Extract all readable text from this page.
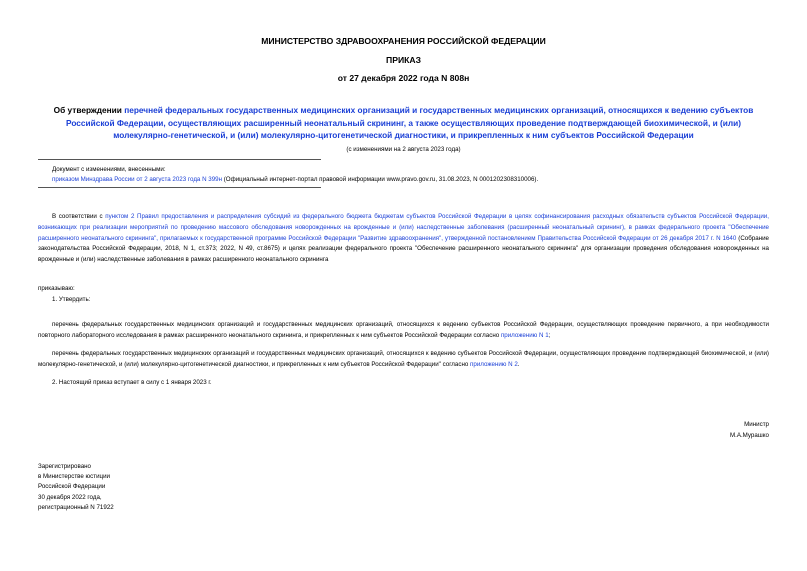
МИНИСТЕРСТВО ЗДРАВООХРАНЕНИЯ РОССИЙСКОЙ ФЕДЕРАЦИИ
ПРИКАЗ
от 27 декабря 2022 года N 808н
Об утверждении перечней федеральных государственных медицинских организаций и государственных медицинских организаций, относящихся к ведению субъектов Российской Федерации, осуществляющих расширенный неонатальный скрининг, а также осуществляющих проведение подтверждающей биохимической, и (или) молекулярно-генетической, и (или) молекулярно-цитогенетической диагностики, и прикрепленных к ним субъектов Российской Федерации
(с изменениями на 2 августа 2023 года)
Документ с изменениями, внесенными:
приказом Минздрава России от 2 августа 2023 года N 399н (Официальный интернет-портал правовой информации www.pravo.gov.ru, 31.08.2023, N 0001202308310006).
В соответствии с пунктом 2 Правил предоставления и распределения субсидий из федерального бюджета бюджетам субъектов Российской Федерации в целях софинансирования расходных обязательств субъектов Российской Федерации, возникающих при реализации мероприятий по проведению массового обследования новорожденных на врожденные и (или) наследственные заболевания (расширенный неонатальный скрининг), в рамках федерального проекта "Обеспечение расширенного неонатального скрининга", прилагаемых к государственной программе Российской Федерации "Развитие здравоохранения", утвержденной постановлением Правительства Российской Федерации от 26 декабря 2017 г. N 1640 (Собрание законодательства Российской Федерации, 2018, N 1, ст.373; 2022, N 49, ст.8675) и целях реализации федерального проекта "Обеспечение расширенного неонатального скрининга" для организации проведения обследования новорожденных на врожденные и (или) наследственные заболевания в рамках расширенного неонатального скрининга
приказываю:
1. Утвердить:
перечень федеральных государственных медицинских организаций и государственных медицинских организаций, относящихся к ведению субъектов Российской Федерации, осуществляющих проведение первичного, а при необходимости повторного лабораторного исследования в рамках расширенного неонатального скрининга, и прикрепленных к ним субъектов Российской Федерации согласно приложению N 1;
перечень федеральных государственных медицинских организаций и государственных медицинских организаций, относящихся к ведению субъектов Российской Федерации, осуществляющих проведение подтверждающей биохимической, и (или) молекулярно-генетической, и (или) молекулярно-цитогенетической диагностики, и прикрепленных к ним субъектов Российской Федерации" согласно приложению N 2.
2. Настоящий приказ вступает в силу с 1 января 2023 г.
Министр
М.А.Мурашко
Зарегистрировано
в Министерстве юстиции
Российской Федерации
30 декабря 2022 года,
регистрационный N 71922
